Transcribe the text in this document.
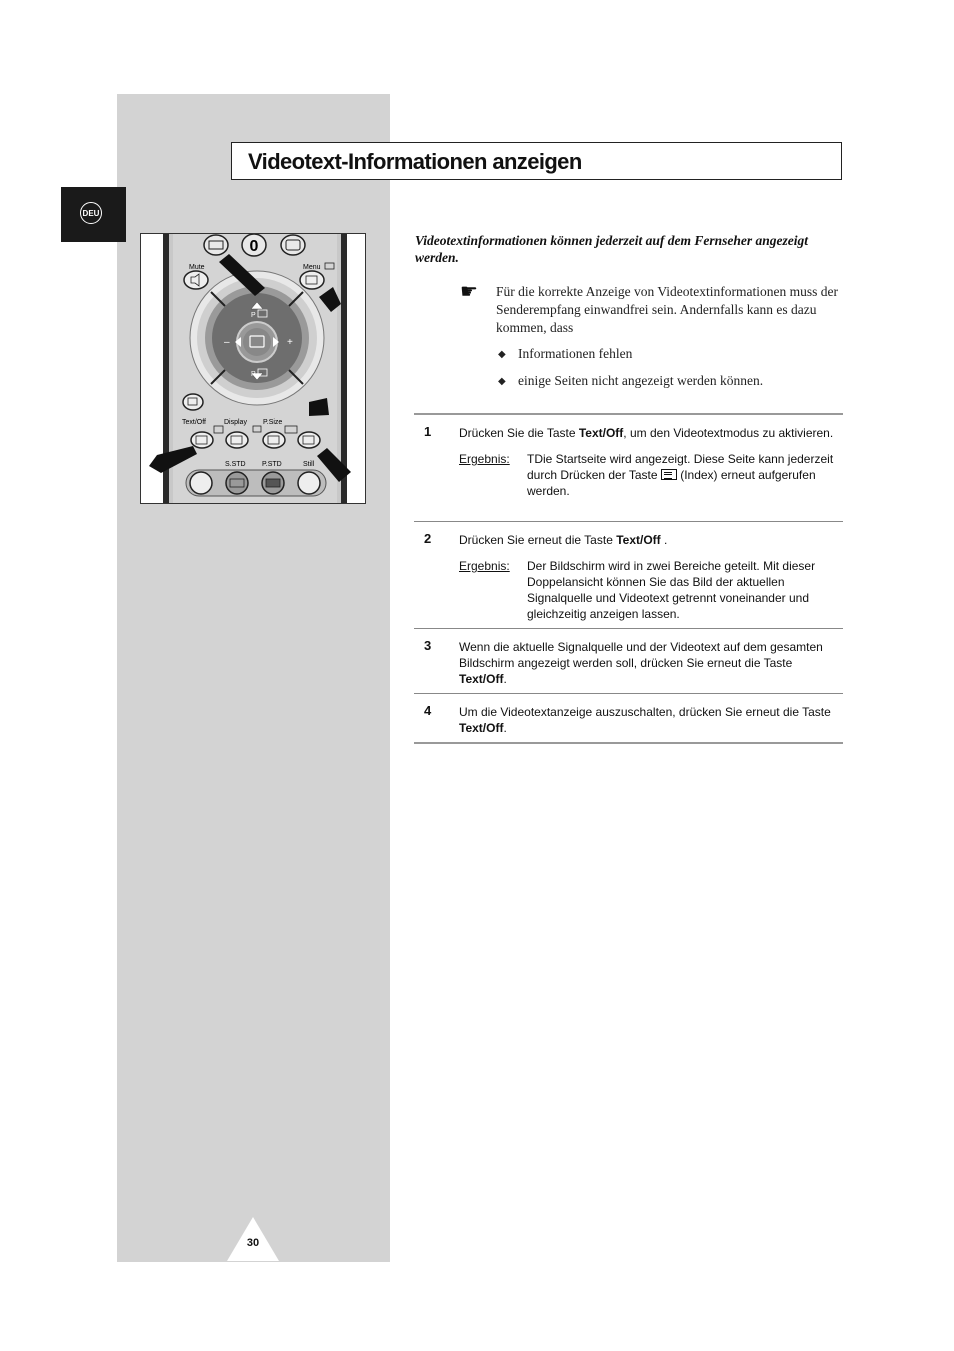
Videotext-Informationen anzeigen
DEU
0
Mute	Menu
–	+
P
P
Text/Off	Display P.Size
S.STD P.STD	Still
Videotextinformationen können jederzeit auf dem Fernseher angezeigt werden.
☛ Für die korrekte Anzeige von Videotextinformationen muss der Senderempfang einwandfrei sein. Andernfalls kann es dazu kommen, dass
◆ Informationen fehlen
◆ einige Seiten nicht angezeigt werden können.
1 Drücken Sie die Taste Text/Off, um den Videotextmodus zu aktivieren.
Ergebnis:	TDie Startseite wird angezeigt. Diese Seite kann jederzeit durch Drücken der Taste  (Index) erneut aufgerufen werden.
2 Drücken Sie erneut die Taste Text/Off .
Ergebnis:	Der Bildschirm wird in zwei Bereiche geteilt. Mit dieser Doppelansicht können Sie das Bild der aktuellen Signalquelle und Videotext getrennt voneinander und gleichzeitig anzeigen lassen.
3 Wenn die aktuelle Signalquelle und der Videotext auf dem gesamten Bildschirm angezeigt werden soll, drücken Sie erneut die Taste Text/Off.
4 Um die Videotextanzeige auszuschalten, drücken Sie erneut die Taste Text/Off.
30
